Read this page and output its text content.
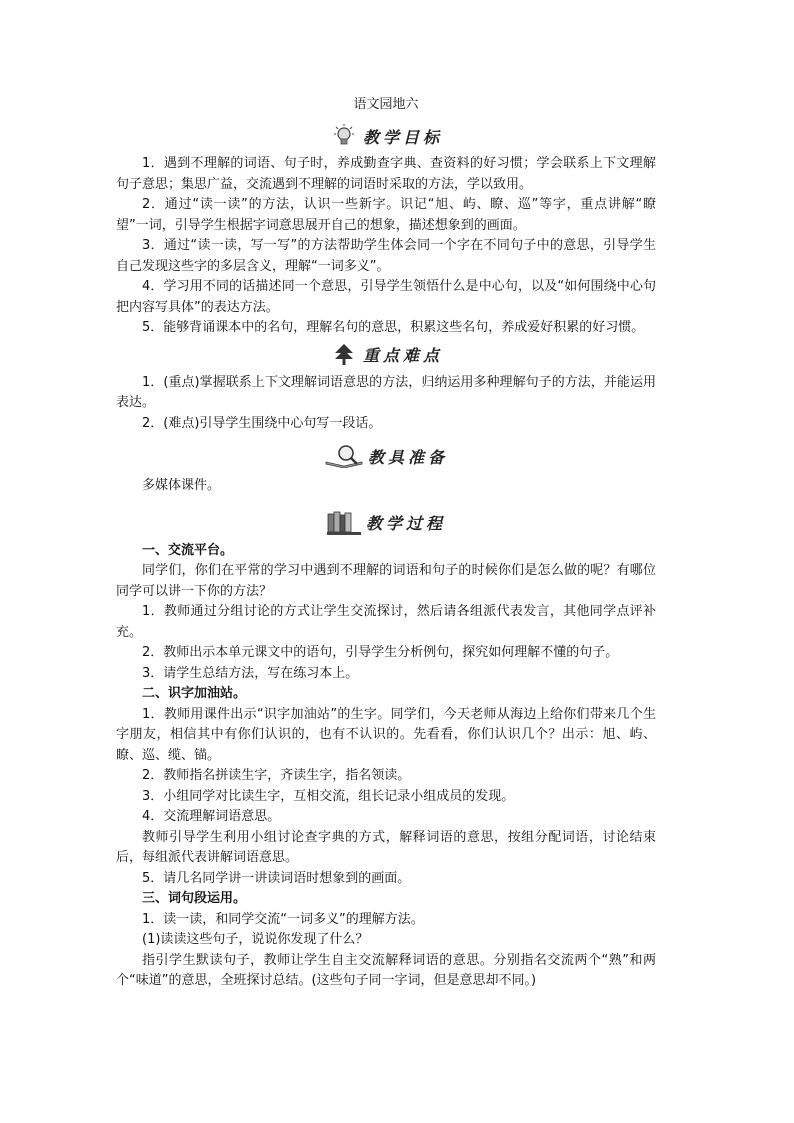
语文园地六
教学目标

1．遇到不理解的词语、句子时，养成勤查字典、查资料的好习惯；学会联系上下文理解句子意思；集思广益，交流遇到不理解的词语时采取的方法，学以致用。

2．通过“读一读”的方法，认识一些新字。识记“旭、屿、瞭、巡”等字，重点讲解“瞭望”一词，引导学生根据字词意思展开自己的想象，描述想象到的画面。

3．通过“读一读，写一写”的方法帮助学生体会同一个字在不同句子中的意思，引导学生自己发现这些字的多层含义，理解“一词多义”。

4．学习用不同的话描述同一个意思，引导学生领悟什么是中心句，以及“如何围绕中心句把内容写具体”的表达方法。

5．能够背诵课本中的名句，理解名句的意思，积累这些名句，养成爱好积累的好习惯。

重点难点

1．(重点)掌握联系上下文理解词语意思的方法，归纳运用多种理解句子的方法，并能运用表达。

2．(难点)引导学生围绕中心句写一段话。

教具准备

多媒体课件。

教学过程

一、交流平台。

同学们，你们在平常的学习中遇到不理解的词语和句子的时候你们是怎么做的呢？有哪位同学可以讲一下你的方法？

1．教师通过分组讨论的方式让学生交流探讨，然后请各组派代表发言，其他同学点评补充。

2．教师出示本单元课文中的语句，引导学生分析例句，探究如何理解不懂的句子。

3．请学生总结方法，写在练习本上。

二、识字加油站。

1．教师用课件出示“识字加油站”的生字。同学们，今天老师从海边上给你们带来几个生字朋友，相信其中有你们认识的，也有不认识的。先看看，你们认识几个？出示：旭、屿、瞭、巡、缆、锚。

2．教师指名拼读生字，齐读生字，指名领读。

3．小组同学对比读生字，互相交流，组长记录小组成员的发现。

4．交流理解词语意思。

教师引导学生利用小组讨论查字典的方式，解释词语的意思，按组分配词语，讨论结束后，每组派代表讲解词语意思。

5．请几名同学讲一讲读词语时想象到的画面。

三、词句段运用。

1．读一读，和同学交流“一词多义”的理解方法。

(1)读读这些句子，说说你发现了什么？

指引学生默读句子，教师让学生自主交流解释词语的意思。分别指名交流两个“熟”和两个“味道”的意思，全班探讨总结。(这些句子同一字词，但是意思却不同。)
